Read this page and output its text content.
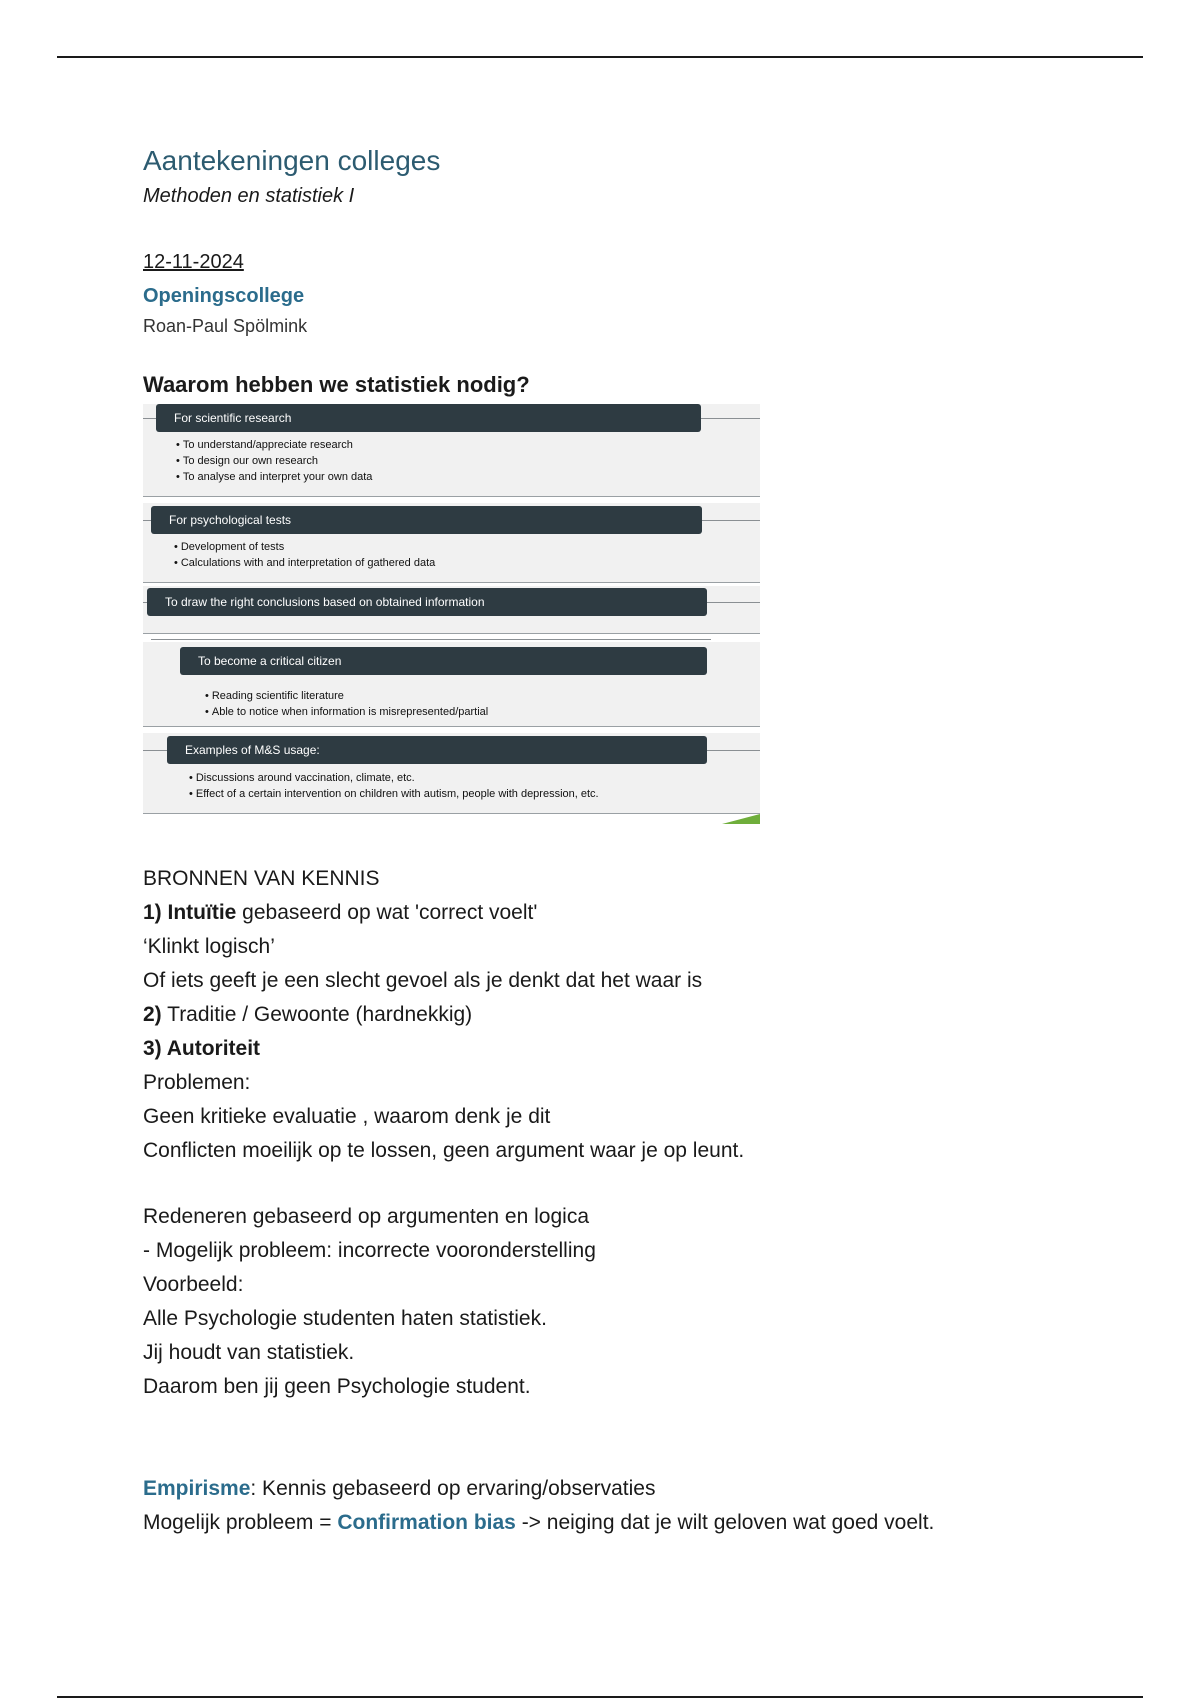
Aantekeningen colleges
Methoden en statistiek I
12-11-2024
Openingscollege
Roan-Paul Spölmink
Waarom hebben we statistiek nodig?
For scientific research
• To understand/appreciate research
• To design our own research
• To analyse and interpret your own data
For psychological tests
• Development of tests
• Calculations with and interpretation of gathered data
To draw the right conclusions based on obtained information
To become a critical citizen
• Reading scientific literature
• Able to notice when information is misrepresented/partial
Examples of M&S usage:
• Discussions around vaccination, climate, etc.
• Effect of a certain intervention on children with autism, people with depression, etc.

BRONNEN VAN KENNIS

1) Intuïtie gebaseerd op wat 'correct voelt'

‘Klinkt logisch’

Of iets geeft je een slecht gevoel als je denkt dat het waar is

2) Traditie / Gewoonte (hardnekkig)

3) Autoriteit

Problemen:

Geen kritieke evaluatie , waarom denk je dit

Conflicten moeilijk op te lossen, geen argument waar je op leunt.

Redeneren gebaseerd op argumenten en logica

- Mogelijk probleem: incorrecte vooronderstelling

Voorbeeld:

Alle Psychologie studenten haten statistiek.

Jij houdt van statistiek.

Daarom ben jij geen Psychologie student.

Empirisme: Kennis gebaseerd op ervaring/observaties

Mogelijk probleem = Confirmation bias -> neiging dat je wilt geloven wat goed voelt.
